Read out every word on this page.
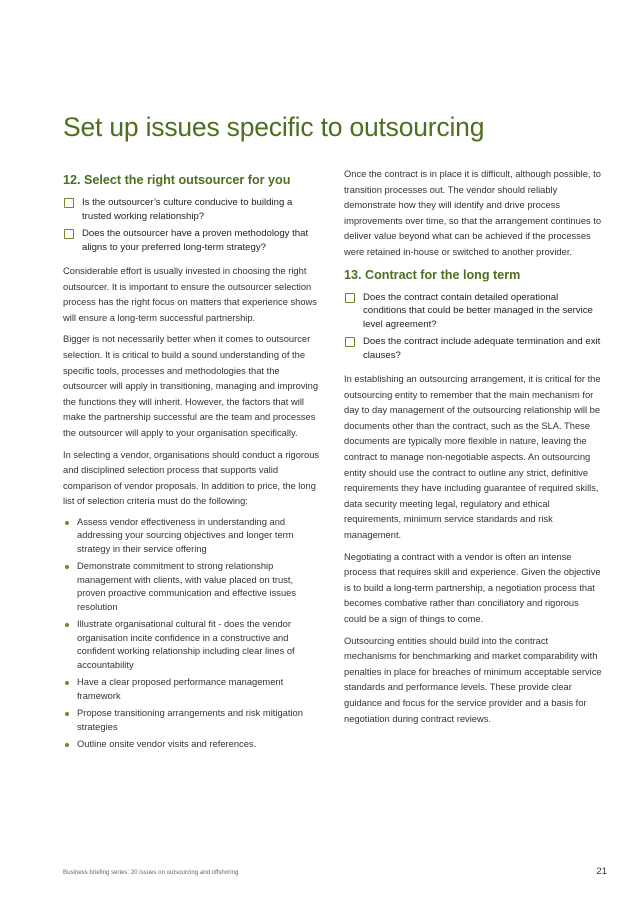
Set up issues specific to outsourcing
12. Select the right outsourcer for you
Is the outsourcer’s culture conducive to building a trusted working relationship?
Does the outsourcer have a proven methodology that aligns to your preferred long-term strategy?

Considerable effort is usually invested in choosing the right outsourcer. It is important to ensure the outsourcer selection process has the right focus on matters that experience shows will ensure a long-term successful partnership.

Bigger is not necessarily better when it comes to outsourcer selection. It is critical to build a sound understanding of the specific tools, processes and methodologies that the outsourcer will apply in transitioning, managing and improving the functions they will inherit. However, the factors that will make the partnership successful are the team and processes the outsourcer will apply to your organisation specifically.

In selecting a vendor, organisations should conduct a rigorous and disciplined selection process that supports valid comparison of vendor proposals. In addition to price, the long list of selection criteria must do the following:

Assess vendor effectiveness in understanding and addressing your sourcing objectives and longer term strategy in their service offering
Demonstrate commitment to strong relationship management with clients, with value placed on trust, proven proactive communication and effective issues resolution
Illustrate organisational cultural fit - does the vendor organisation incite confidence in a constructive and confident working relationship including clear lines of accountability
Have a clear proposed performance management framework
Propose transitioning arrangements and risk mitigation strategies
Outline onsite vendor visits and references.

Once the contract is in place it is difficult, although possible, to transition processes out. The vendor should reliably demonstrate how they will identify and drive process improvements over time, so that the arrangement continues to deliver value beyond what can be achieved if the processes were retained in-house or switched to another provider.

13. Contract for the long term
Does the contract contain detailed operational conditions that could be better managed in the service level agreement?
Does the contract include adequate termination and exit clauses?

In establishing an outsourcing arrangement, it is critical for the outsourcing entity to remember that the main mechanism for day to day management of the outsourcing relationship will be documents other than the contract, such as the SLA. These documents are typically more flexible in nature, leaving the contract to manage non-negotiable aspects. An outsourcing entity should use the contract to outline any strict, definitive requirements they have including guarantee of required skills, data security meeting legal, regulatory and ethical requirements, minimum service standards and risk management.

Negotiating a contract with a vendor is often an intense process that requires skill and experience. Given the objective is to build a long-term partnership, a negotiation process that becomes combative rather than conciliatory and rigorous could be a sign of things to come.

Outsourcing entities should build into the contract mechanisms for benchmarking and market comparability with penalties in place for breaches of minimum acceptable service standards and performance levels. These provide clear guidance and focus for the service provider and a basis for negotiation during contract reviews.

Business briefing series: 20 issues on outsourcing and offshoring	21
